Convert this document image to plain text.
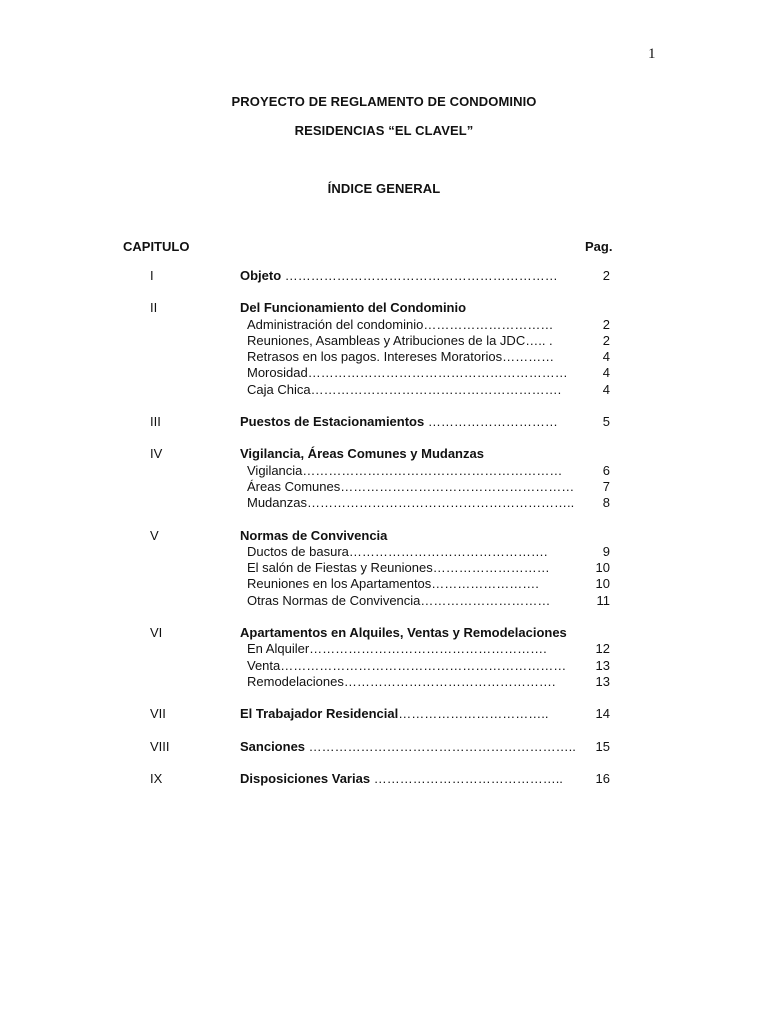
1
PROYECTO DE REGLAMENTO DE CONDOMINIO
RESIDENCIAS “EL CLAVEL”
ÍNDICE GENERAL
CAPITULO	Pag.
I	Objeto ………………………………………………………	2
II	Del Funcionamiento del Condominio
Administración del condominio…………………………	2
Reuniones, Asambleas y Atribuciones de la JDC….. .	2
Retrasos en los pagos. Intereses Moratorios…………	4
Morosidad……………………………………………………	4
Caja Chica………………………………………………….	4
III	Puestos de Estacionamientos …………………………	5
IV	Vigilancia, Áreas Comunes y Mudanzas
Vigilancia……………………………………………………	6
Áreas Comunes………………………………………………	7
Mudanzas……………………………………………………..	8
V	Normas de Convivencia
Ductos de basura……………………………………….	9
El salón de Fiestas y Reuniones………………………	10
Reuniones en los Apartamentos…………………….	10
Otras Normas de Convivencia…………………………	11
VI	Apartamentos en Alquiles, Ventas y Remodelaciones
En Alquiler……………………………………………….	12
Venta………………………………………………………… 13
Remodelaciones………………………………………….	13
VII	El Trabajador Residencial……………………………..	14
VIII	Sanciones …………………………………………………….. 15
IX	Disposiciones Varias ……………………………………..	16
